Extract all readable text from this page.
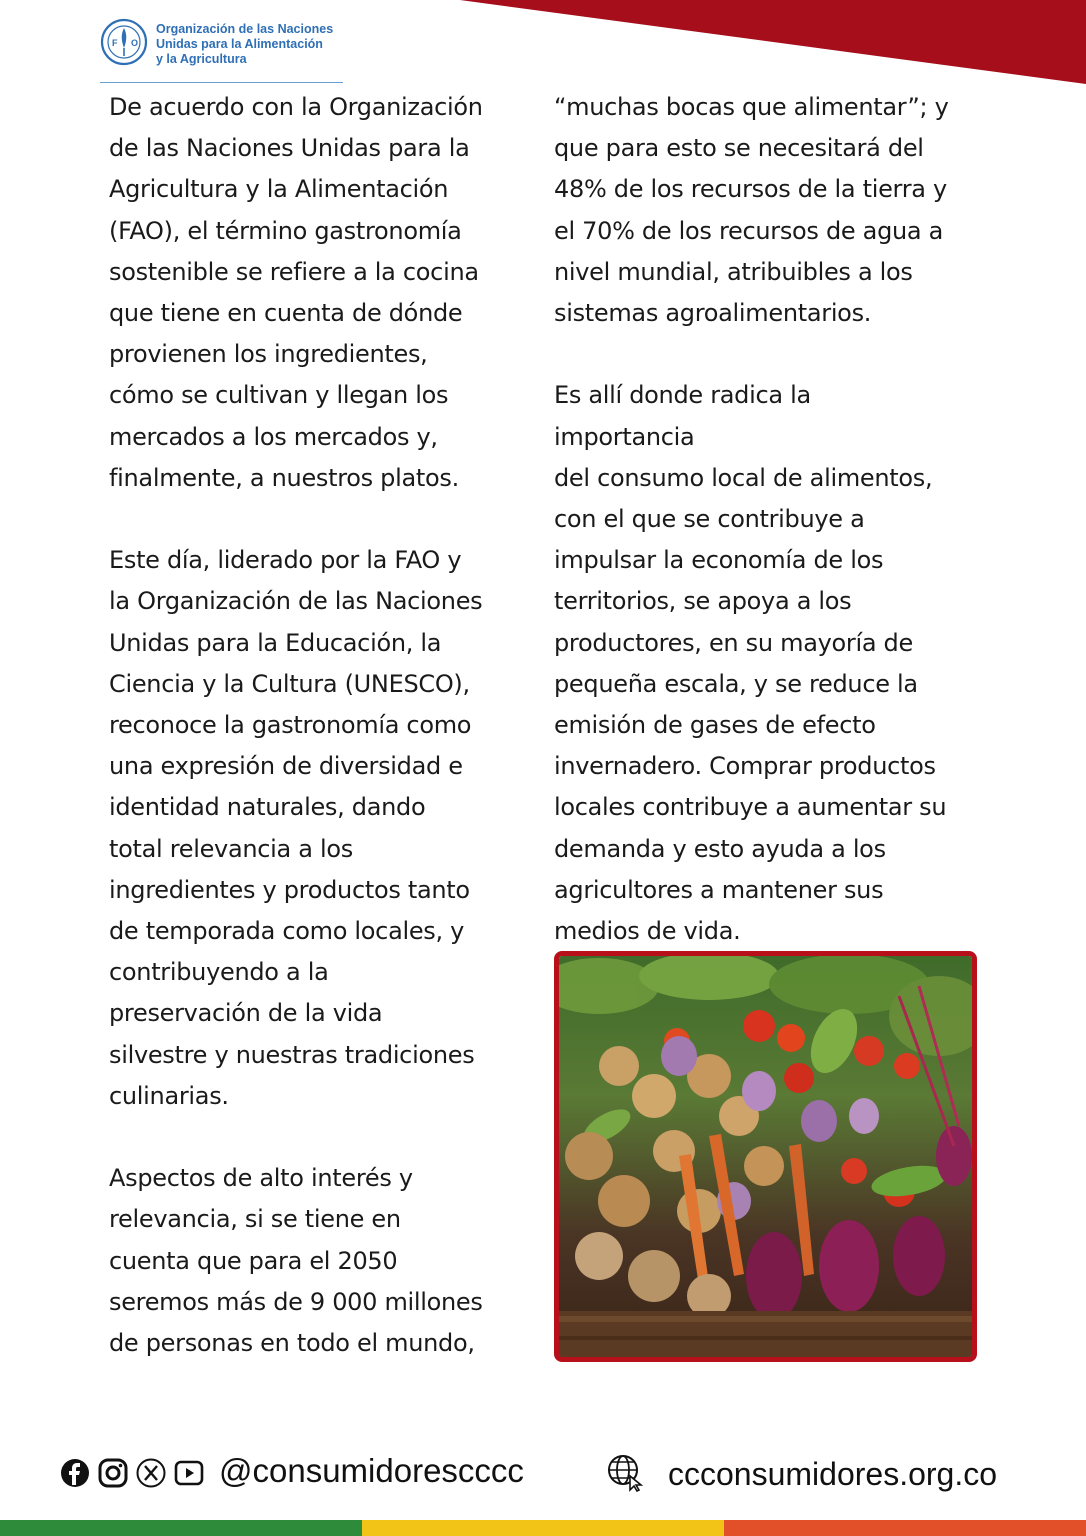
F O
Organización de las Naciones
Unidas para la Alimentación
y la Agricultura

De acuerdo con la Organización
de las Naciones Unidas para la
Agricultura y la Alimentación
(FAO), el término gastronomía
sostenible se refiere a la cocina
que tiene en cuenta de dónde
provienen los ingredientes,
cómo se cultivan y llegan los
mercados a los mercados y,
finalmente, a nuestros platos.

Este día, liderado por la FAO y
la Organización de las Naciones
Unidas para la Educación, la
Ciencia y la Cultura (UNESCO),
reconoce la gastronomía como
una expresión de diversidad e
identidad naturales, dando
total relevancia a los
ingredientes y productos tanto
de temporada como locales, y
contribuyendo a la
preservación de la vida
silvestre y nuestras tradiciones
culinarias.

Aspectos de alto interés y
relevancia, si se tiene en
cuenta que para el 2050
seremos más de 9 000 millones
de personas en todo el mundo,

“muchas bocas que alimentar”; y
que para esto se necesitará del
48% de los recursos de la tierra y
el 70% de los recursos de agua a
nivel mundial, atribuibles a los
sistemas agroalimentarios.

Es allí donde radica la importancia
del consumo local de alimentos,
con el que se contribuye a
impulsar la economía de los
territorios, se apoya a los
productores, en su mayoría de
pequeña escala, y se reduce la
emisión de gases de efecto
invernadero. Comprar productos
locales contribuye a aumentar su
demanda y esto ayuda a los
agricultores a mantener sus
medios de vida.

@consumidorescccc	ccconsumidores.org.co
